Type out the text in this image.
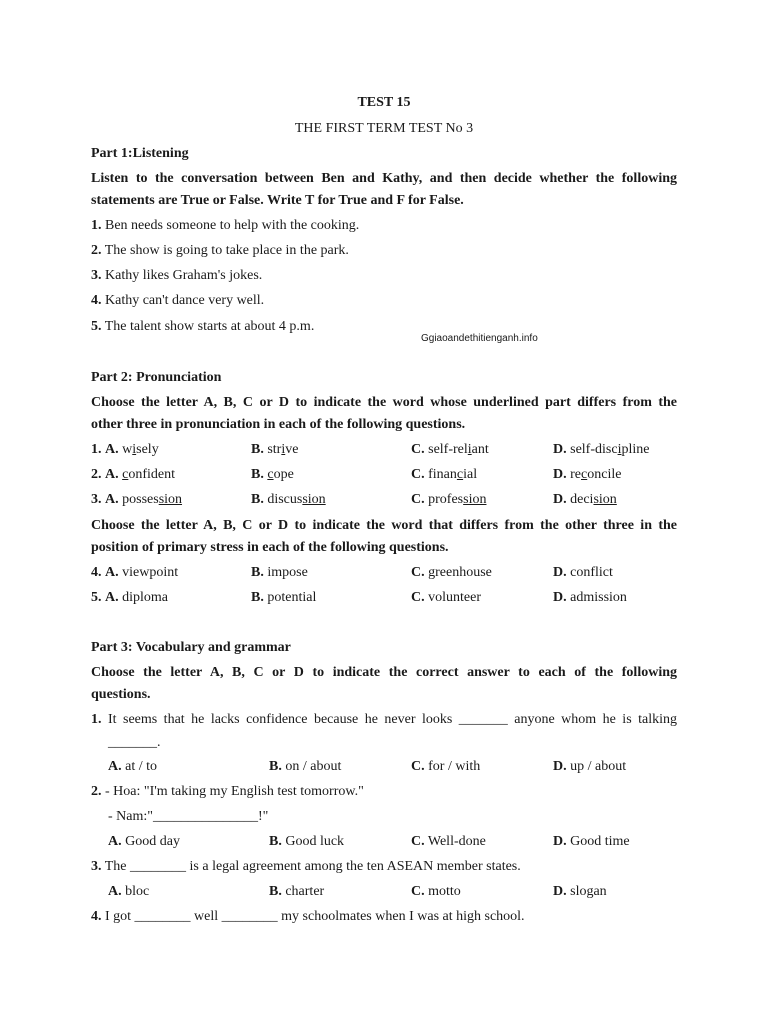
TEST 15
THE FIRST TERM TEST No 3
Part 1:Listening
Listen to the conversation between Ben and Kathy, and then decide whether the following
statements are True or False. Write T for True and F for False.
1. Ben needs someone to help with the cooking.
2. The show is going to take place in the park.
3. Kathy likes Graham's jokes.
4. Kathy can't dance very well.
5. The talent show starts at about 4 p.m.
Ggiaoandethitienganh.info
Part 2: Pronunciation
Choose the letter A, B, C or D to indicate the word whose underlined part differs from the
other three in pronunciation in each of the following questions.
1. A. wisely	B. strive	C. self-reliant	D. self-discipline
2. A. confident	B. cope	C. financial	D. reconcile
3. A. possession	B. discussion	C. profession	D. decision
Choose the letter A, B, C or D to indicate the word that differs from the other three in the
position of primary stress in each of the following questions.
4. A. viewpoint	B. impose	C. greenhouse	D. conflict
5. A. diploma	B. potential	C. volunteer	D. admission
Part 3: Vocabulary and grammar
Choose the letter A, B, C or D to indicate the correct answer to each of the following
questions.
1. It seems that he lacks confidence because he never looks _______ anyone whom he is talking
_______.
A. at / to	B. on / about	C. for / with	D. up / about
2. - Hoa: "I'm taking my English test tomorrow."
- Nam:"_______________!"
A. Good day	B. Good luck	C. Well-done	D. Good time
3. The ________ is a legal agreement among the ten ASEAN member states.
A. bloc	B. charter	C. motto	D. slogan
4. I got ________ well ________ my schoolmates when I was at high school.
